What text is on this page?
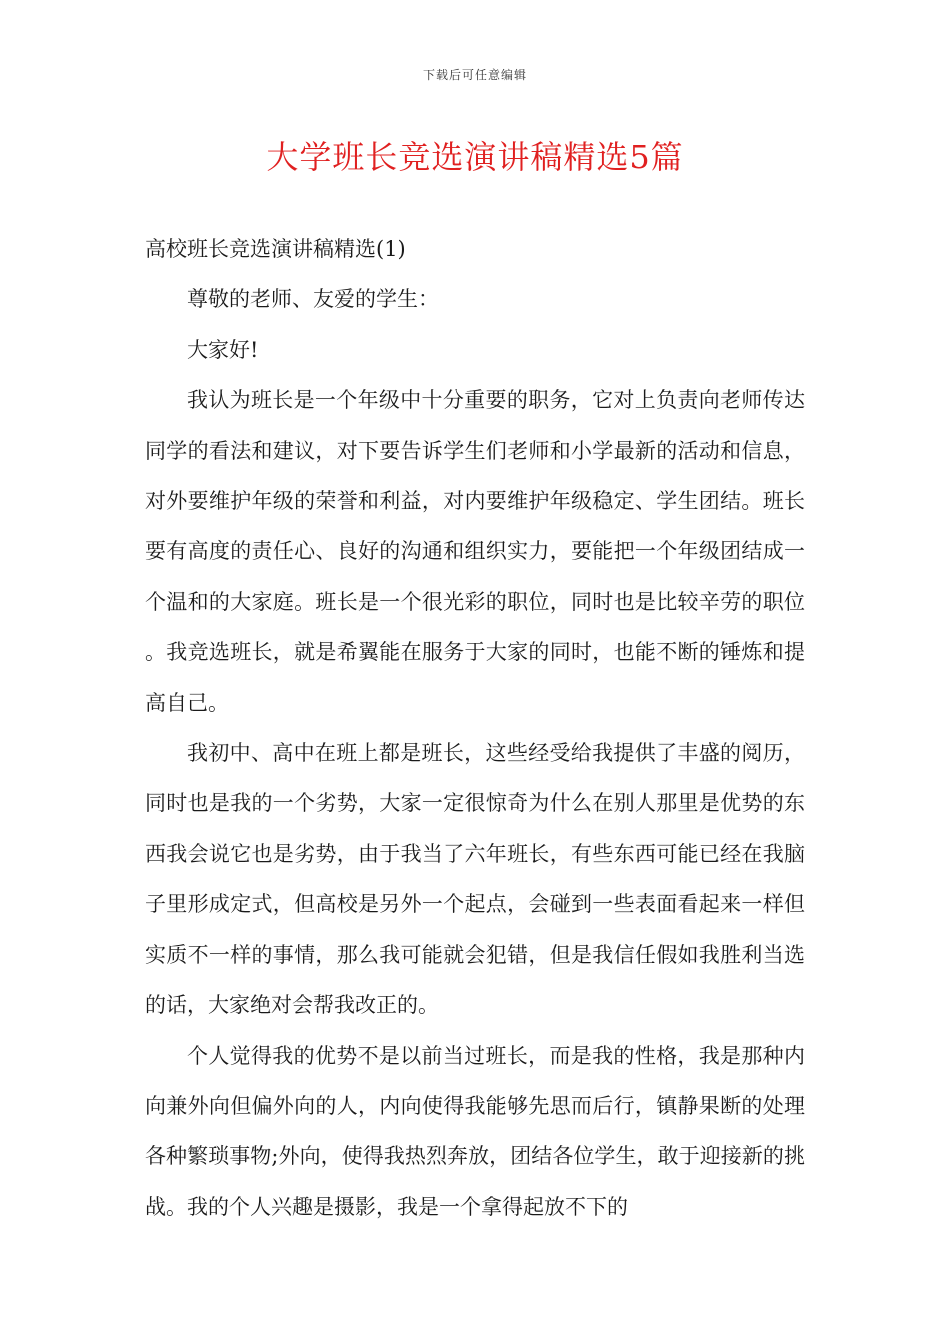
下载后可任意编辑
大学班长竞选演讲稿精选5篇
高校班长竞选演讲稿精选(1)

尊敬的老师、友爱的学生：

大家好!

我认为班长是一个年级中十分重要的职务，它对上负责向老师传达同学的看法和建议，对下要告诉学生们老师和小学最新的活动和信息，对外要维护年级的荣誉和利益，对内要维护年级稳定、学生团结。班长要有高度的责任心、良好的沟通和组织实力，要能把一个年级团结成一个温和的大家庭。班长是一个很光彩的职位，同时也是比较辛劳的职位。我竞选班长，就是希翼能在服务于大家的同时，也能不断的锤炼和提高自己。

我初中、高中在班上都是班长，这些经受给我提供了丰盛的阅历，同时也是我的一个劣势，大家一定很惊奇为什么在别人那里是优势的东西我会说它也是劣势，由于我当了六年班长，有些东西可能已经在我脑子里形成定式，但高校是另外一个起点，会碰到一些表面看起来一样但实质不一样的事情，那么我可能就会犯错，但是我信任假如我胜利当选的话，大家绝对会帮我改正的。

个人觉得我的优势不是以前当过班长，而是我的性格，我是那种内向兼外向但偏外向的人，内向使得我能够先思而后行，镇静果断的处理各种繁琐事物;外向，使得我热烈奔放，团结各位学生，敢于迎接新的挑战。我的个人兴趣是摄影，我是一个拿得起放不下的
